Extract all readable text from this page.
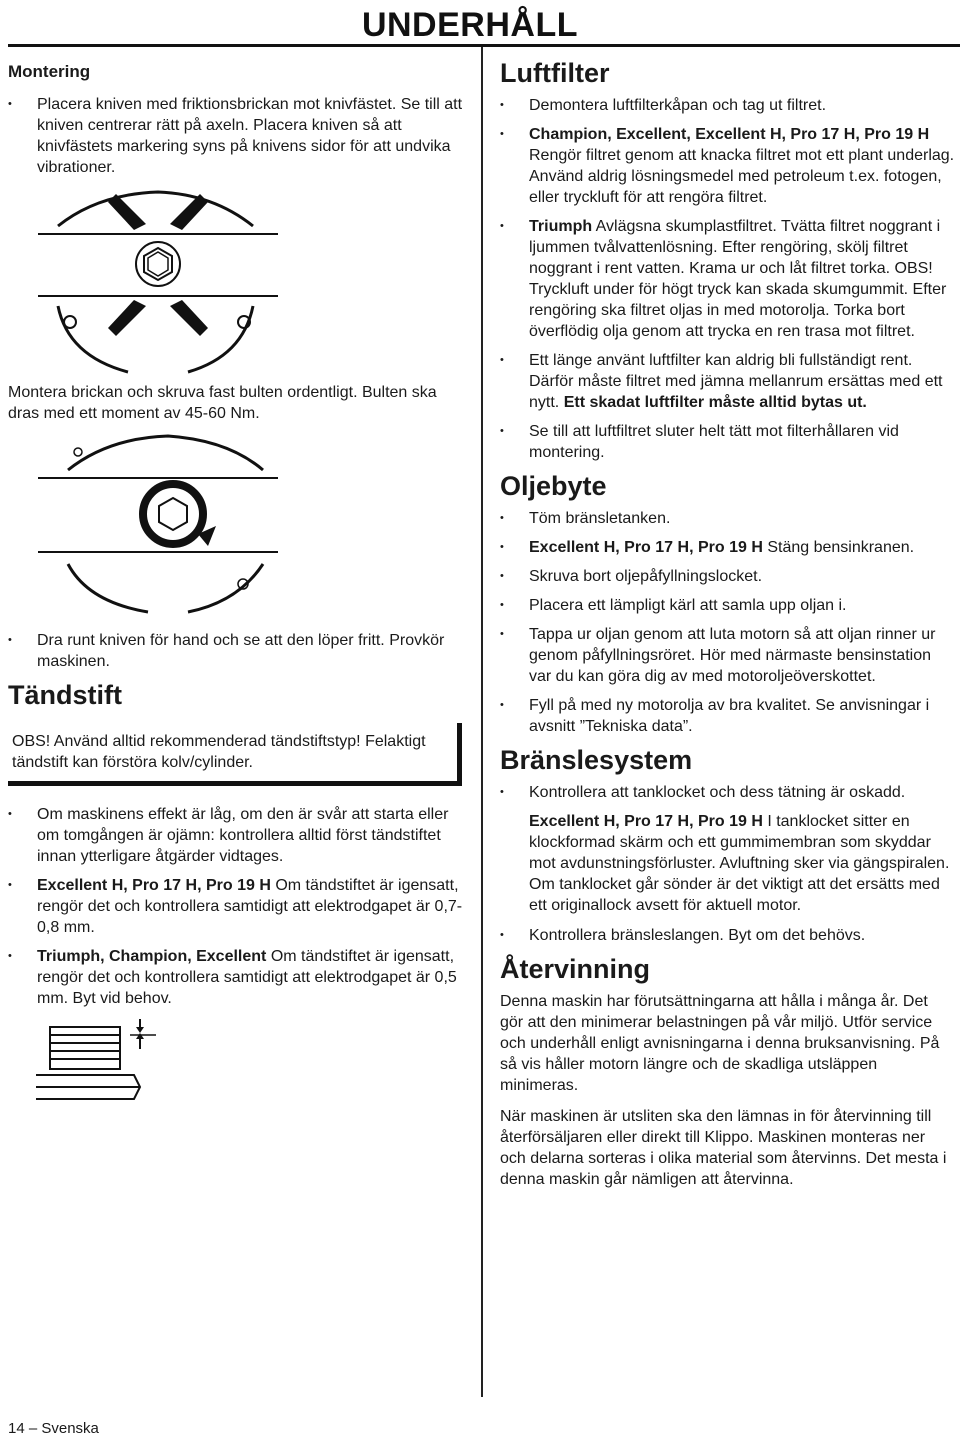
UNDERHÅLL
Montering
• Placera kniven med friktionsbrickan mot knivfästet. Se till att kniven centrerar rätt på axeln. Placera kniven så att knivfästets markering syns på knivens sidor för att undvika vibrationer.

Montera brickan och skruva fast bulten ordentligt. Bulten ska dras med ett moment av 45-60 Nm.

• Dra runt kniven för hand och se att den löper fritt. Provkör maskinen.
Tändstift
OBS! Använd alltid rekommenderad tändstiftstyp! Felaktigt tändstift kan förstöra kolv/cylinder.
• Om maskinens effekt är låg, om den är svår att starta eller om tomgången är ojämn: kontrollera alltid först tändstiftet innan ytterligare åtgärder vidtages.
• Excellent H, Pro 17 H, Pro 19 H Om tändstiftet är igensatt, rengör det och kontrollera samtidigt att elektrodgapet är 0,7-0,8 mm.
• Triumph, Champion, Excellent Om tändstiftet är igensatt, rengör det och kontrollera samtidigt att elektrodgapet är 0,5 mm. Byt vid behov.
Luftfilter
• Demontera luftfilterkåpan och tag ut filtret.
• Champion, Excellent, Excellent H, Pro 17 H, Pro 19 H Rengör filtret genom att knacka filtret mot ett plant underlag. Använd aldrig lösningsmedel med petroleum t.ex. fotogen, eller tryckluft för att rengöra filtret.
• Triumph Avlägsna skumplastfiltret. Tvätta filtret noggrant i ljummen tvålvattenlösning. Efter rengöring, skölj filtret noggrant i rent vatten. Krama ur och låt filtret torka. OBS! Tryckluft under för högt tryck kan skada skumgummit. Efter rengöring ska filtret oljas in med motorolja. Torka bort överflödig olja genom att trycka en ren trasa mot filtret.
• Ett länge använt luftfilter kan aldrig bli fullständigt rent. Därför måste filtret med jämna mellanrum ersättas med ett nytt. Ett skadat luftfilter måste alltid bytas ut.
• Se till att luftfiltret sluter helt tätt mot filterhållaren vid montering.
Oljebyte
• Töm bränsletanken.
• Excellent H, Pro 17 H, Pro 19 H Stäng bensinkranen.
• Skruva bort oljepåfyllningslocket.
• Placera ett lämpligt kärl att samla upp oljan i.
• Tappa ur oljan genom att luta motorn så att oljan rinner ur genom påfyllningsröret. Hör med närmaste bensinstation var du kan göra dig av med motoroljeöverskottet.
• Fyll på med ny motorolja av bra kvalitet. Se anvisningar i avsnitt ”Tekniska data”.
Bränslesystem
• Kontrollera att tanklocket och dess tätning är oskadd.

Excellent H, Pro 17 H, Pro 19 H I tanklocket sitter en klockformad skärm och ett gummimembran som skyddar mot avdunstningsförluster. Avluftning sker via gängspiralen. Om tanklocket går sönder är det viktigt att det ersätts med ett originallock avsett för aktuell motor.

• Kontrollera bränsleslangen. Byt om det behövs.
Återvinning

Denna maskin har förutsättningarna att hålla i många år. Det gör att den minimerar belastningen på vår miljö. Utför service och underhåll enligt avnisningarna i denna bruksanvisning. På så vis håller motorn längre och de skadliga utsläppen minimeras.

När maskinen är utsliten ska den lämnas in för återvinning till återförsäljaren eller direkt till Klippo. Maskinen monteras ner och delarna sorteras i olika material som återvinns. Det mesta i denna maskin går nämligen att återvinna.

14 – Svenska
